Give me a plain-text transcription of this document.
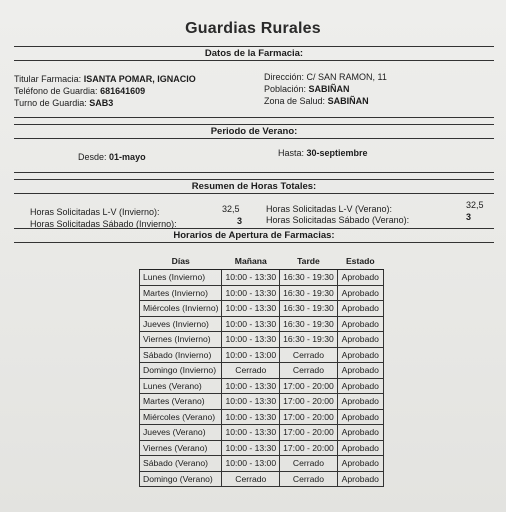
Guardias Rurales
Datos de la Farmacia:
Titular Farmacia: ISANTA POMAR, IGNACIO
Teléfono de Guardia: 681641609
Turno de Guardia: SAB3
Dirección: C/ SAN RAMON, 11
Población: SABIÑAN
Zona de Salud: SABIÑAN
Periodo de Verano:
Desde: 01-mayo	Hasta: 30-septiembre
Resumen de Horas Totales:
Horas Solicitadas L-V (Invierno):	32,5
Horas Solicitadas Sábado (Invierno):	3
Horas Solicitadas L-V (Verano):	32,5
Horas Solicitadas Sábado (Verano):	3
Horarios de Apertura de Farmacias:
Días	Mañana	Tarde	Estado
Lunes (Invierno)	10:00 - 13:30	16:30 - 19:30	Aprobado
Martes (Invierno)	10:00 - 13:30	16:30 - 19:30	Aprobado
Miércoles (Invierno)	10:00 - 13:30	16:30 - 19:30	Aprobado
Jueves (Invierno)	10:00 - 13:30	16:30 - 19:30	Aprobado
Viernes (Invierno)	10:00 - 13:30	16:30 - 19:30	Aprobado
Sábado (Invierno)	10:00 - 13:00	Cerrado	Aprobado
Domingo (Invierno)	Cerrado	Cerrado	Aprobado
Lunes (Verano)	10:00 - 13:30	17:00 - 20:00	Aprobado
Martes (Verano)	10:00 - 13:30	17:00 - 20:00	Aprobado
Miércoles (Verano)	10:00 - 13:30	17:00 - 20:00	Aprobado
Jueves (Verano)	10:00 - 13:30	17:00 - 20:00	Aprobado
Viernes (Verano)	10:00 - 13:30	17:00 - 20:00	Aprobado
Sábado (Verano)	10:00 - 13:00	Cerrado	Aprobado
Domingo (Verano)	Cerrado	Cerrado	Aprobado
